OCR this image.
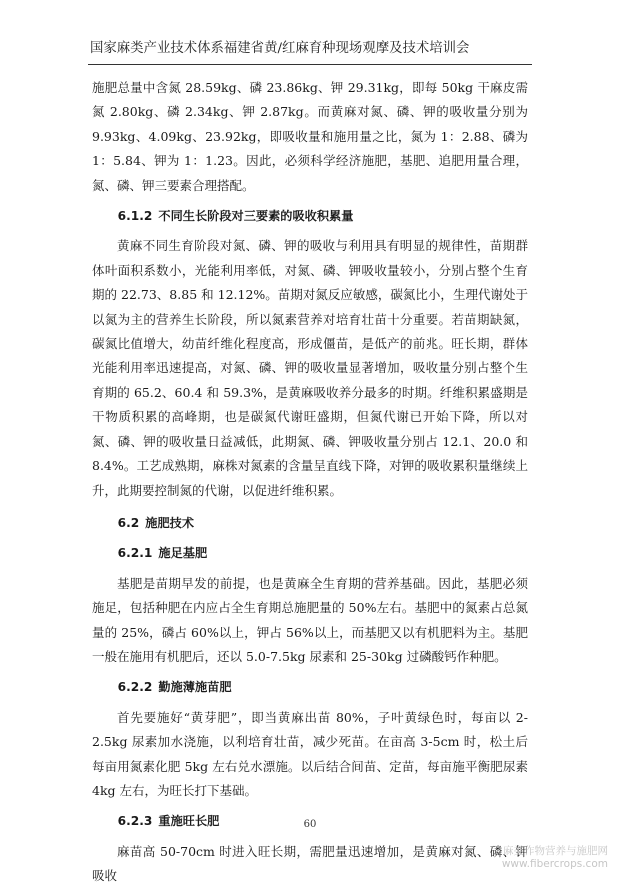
国家麻类产业技术体系福建省黄/红麻育种现场观摩及技术培训会

施肥总量中含氮 28.59kg、磷 23.86kg、钾 29.31kg，即每 50kg 干麻皮需氮 2.80kg、磷 2.34kg、钾 2.87kg。而黄麻对氮、磷、钾的吸收量分别为 9.93kg、4.09kg、23.92kg，即吸收量和施用量之比，氮为 1：2.88、磷为 1：5.84、钾为 1：1.23。因此，必须科学经济施肥，基肥、追肥用量合理，氮、磷、钾三要素合理搭配。

6.1.2 不同生长阶段对三要素的吸收积累量

黄麻不同生育阶段对氮、磷、钾的吸收与利用具有明显的规律性，苗期群体叶面积系数小，光能利用率低，对氮、磷、钾吸收量较小，分别占整个生育期的 22.73、8.85 和 12.12%。苗期对氮反应敏感，碳氮比小，生理代谢处于以氮为主的营养生长阶段，所以氮素营养对培育壮苗十分重要。若苗期缺氮，碳氮比值增大，幼苗纤维化程度高，形成僵苗，是低产的前兆。旺长期，群体光能利用率迅速提高，对氮、磷、钾的吸收量显著增加，吸收量分别占整个生育期的 65.2、60.4 和 59.3%，是黄麻吸收养分最多的时期。纤维积累盛期是干物质积累的高峰期，也是碳氮代谢旺盛期，但氮代谢已开始下降，所以对氮、磷、钾的吸收量日益减低，此期氮、磷、钾吸收量分别占 12.1、20.0 和 8.4%。工艺成熟期，麻株对氮素的含量呈直线下降，对钾的吸收累积量继续上升，此期要控制氮的代谢，以促进纤维积累。

6.2 施肥技术
6.2.1 施足基肥

基肥是苗期早发的前提，也是黄麻全生育期的营养基础。因此，基肥必须施足，包括种肥在内应占全生育期总施肥量的 50%左右。基肥中的氮素占总氮量的 25%，磷占 60%以上，钾占 56%以上，而基肥又以有机肥料为主。基肥一般在施用有机肥后，还以 5.0-7.5kg 尿素和 25-30kg 过磷酸钙作种肥。

6.2.2 勤施薄施苗肥

首先要施好“黄芽肥”，即当黄麻出苗 80%，子叶黄绿色时，每亩以 2-2.5kg 尿素加水浇施，以利培育壮苗，减少死苗。在亩高 3-5cm 时，松土后每亩用氮素化肥 5kg 左右兑水漂施。以后结合间苗、定苗，每亩施平衡肥尿素 4kg 左右，为旺长打下基础。

6.2.3 重施旺长肥

麻苗高 50-70cm 时进入旺长期，需肥量迅速增加，是黄麻对氮、磷、钾吸收

60
麻类作物营养与施肥网
www.fibercrops.com
